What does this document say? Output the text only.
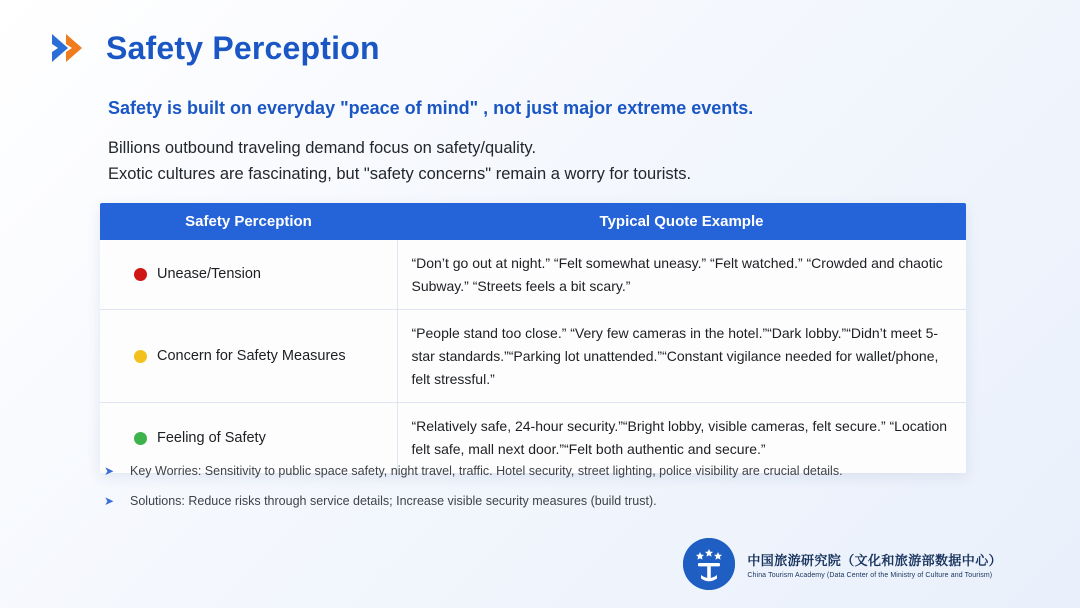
Safety Perception
Safety is built on everyday "peace of mind" , not just major extreme events.
Billions outbound traveling demand focus on safety/quality.
Exotic cultures are fascinating, but "safety concerns" remain a worry for tourists.
Safety Perception	Typical Quote Example

Unease/Tension	“Don’t go out at night.” “Felt somewhat uneasy.” “Felt watched.” “Crowded and chaotic Subway.” “Streets feels a bit scary.”

Concern for Safety Measures	“People stand too close.” “Very few cameras in the hotel.”“Dark lobby.”“Didn’t meet 5-star standards.”“Parking lot unattended.”“Constant vigilance needed for wallet/phone, felt stressful.”

Feeling of Safety	“Relatively safe, 24-hour security.”“Bright lobby, visible cameras, felt secure.” “Location felt safe, mall next door.”“Felt both authentic and secure.”
➤	Key Worries: Sensitivity to public space safety, night travel, traffic. Hotel security, street lighting, police visibility are crucial details.
➤	Solutions: Reduce risks through service details; Increase visible security measures (build trust).
中国旅游研究院（文化和旅游部数据中心）
China Tourism Academy (Data Center of the Ministry of Culture and Tourism)
